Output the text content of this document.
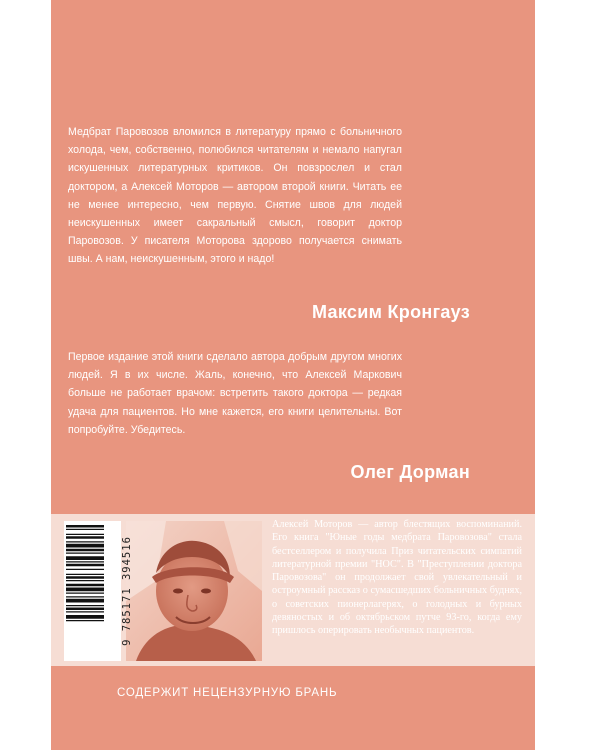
Медбрат Паровозов вломился в литературу прямо с больничного холода, чем, собственно, полюбился читателям и немало напугал искушенных литературных критиков. Он повзрослел и стал доктором, а Алексей Моторов — автором второй книги. Читать ее не менее интересно, чем первую. Снятие швов для людей неискушенных имеет сакральный смысл, говорит доктор Паровозов. У писателя Моторова здорово получается снимать швы. А нам, неискушенным, этого и надо!

Максим Кронгауз

Первое издание этой книги сделало автора добрым другом многих людей. Я в их числе. Жаль, конечно, что Алексей Маркович больше не работает врачом: встретить такого доктора — редкая удача для пациентов. Но мне кажется, его книги целительны. Вот попробуйте. Убедитесь.

Олег Дорман

9 785171 394516

Алексей Моторов — автор блестящих воспоминаний. Его книга "Юные годы медбрата Паровозова" стала бестселлером и получила Приз читательских симпатий литературной премии "НОС". В "Преступлении доктора Паровозова" он продолжает свой увлекательный и остроумный рассказ о сумасшедших больничных буднях, о советских пионерлагерях, о голодных и бурных девяностых и об октябрьском путче 93-го, когда ему пришлось оперировать необычных пациентов.

СОДЕРЖИТ НЕЦЕНЗУРНУЮ БРАНЬ
